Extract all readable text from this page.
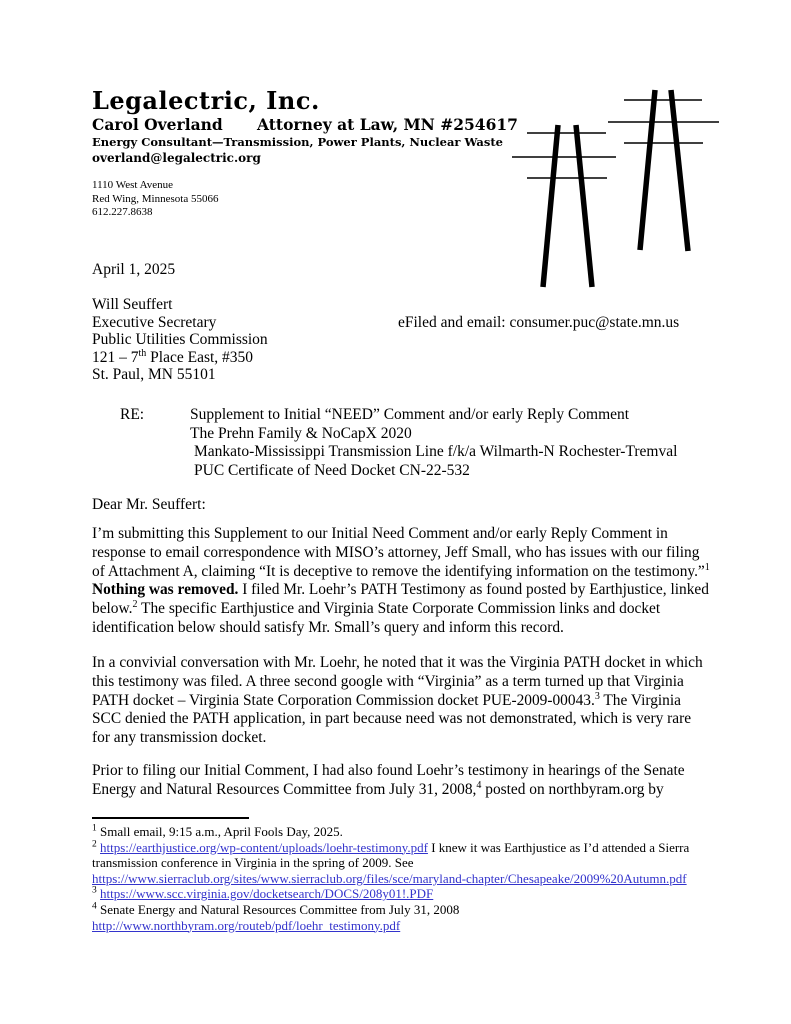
Legalectric, Inc.
Carol Overland	Attorney at Law, MN #254617
Energy Consultant—Transmission, Power Plants, Nuclear Waste
overland@legalectric.org
1110 West Avenue
Red Wing, Minnesota 55066
612.227.8638
April 1, 2025
Will Seuffert
Executive Secretary
Public Utilities Commission
121 – 7th Place East, #350
St. Paul, MN 55101
eFiled and email: consumer.puc@state.mn.us
RE:	Supplement to Initial “NEED” Comment and/or early Reply Comment
The Prehn Family & NoCapX 2020
Mankato-Mississippi Transmission Line f/k/a Wilmarth-N Rochester-Tremval
PUC Certificate of Need Docket CN-22-532
Dear Mr. Seuffert:
I’m submitting this Supplement to our Initial Need Comment and/or early Reply Comment in response to email correspondence with MISO’s attorney, Jeff Small, who has issues with our filing of Attachment A, claiming “It is deceptive to remove the identifying information on the testimony.”$^1$ Nothing was removed. I filed Mr. Loehr’s PATH Testimony as found posted by Earthjustice, linked below.$^2$ The specific Earthjustice and Virginia State Corporate Commission links and docket identification below should satisfy Mr. Small’s query and inform this record.
In a convivial conversation with Mr. Loehr, he noted that it was the Virginia PATH docket in which this testimony was filed. A three second google with “Virginia” as a term turned up that Virginia PATH docket – Virginia State Corporation Commission docket PUE-2009-00043.$^3$ The Virginia SCC denied the PATH application, in part because need was not demonstrated, which is very rare for any transmission docket.
Prior to filing our Initial Comment, I had also found Loehr’s testimony in hearings of the Senate Energy and Natural Resources Committee from July 31, 2008,$^4$ posted on northbyram.org by
$^1$ Small email, 9:15 a.m., April Fools Day, 2025.
$^2$ https://earthjustice.org/wp-content/uploads/loehr-testimony.pdf I knew it was Earthjustice as I’d attended a Sierra transmission conference in Virginia in the spring of 2009. See https://www.sierraclub.org/sites/www.sierraclub.org/files/sce/maryland-chapter/Chesapeake/2009%20Autumn.pdf
$^3$ https://www.scc.virginia.gov/docketsearch/DOCS/208y01!.PDF
$^4$ Senate Energy and Natural Resources Committee from July 31, 2008
http://www.northbyram.org/routeb/pdf/loehr_testimony.pdf
